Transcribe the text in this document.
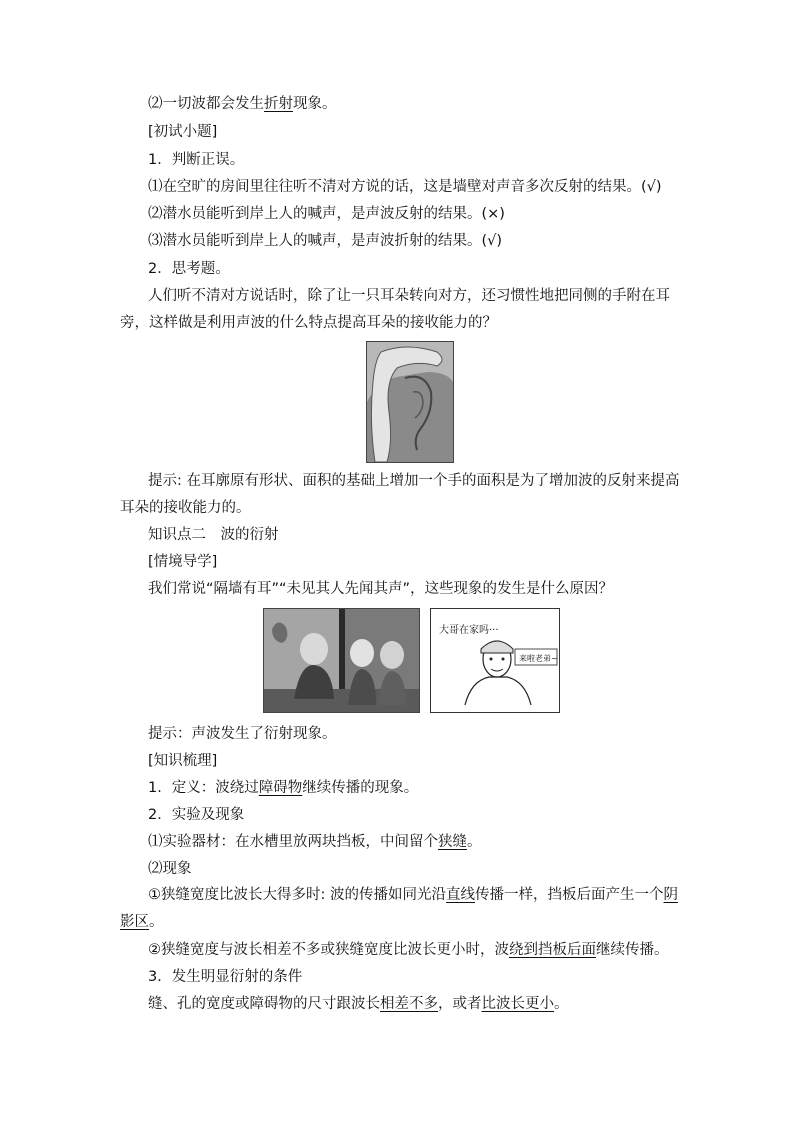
⑵一切波都会发生折射现象。
[初试小题]
1．判断正误。
⑴在空旷的房间里往往听不清对方说的话，这是墙壁对声音多次反射的结果。(√)
⑵潜水员能听到岸上人的喊声，是声波反射的结果。(×)
⑶潜水员能听到岸上人的喊声，是声波折射的结果。(√)
2．思考题。
人们听不清对方说话时，除了让一只耳朵转向对方，还习惯性地把同侧的手附在耳旁，这样做是利用声波的什么特点提高耳朵的接收能力的？
提示: 在耳廓原有形状、面积的基础上增加一个手的面积是为了增加波的反射来提高耳朵的接收能力的。
知识点二　波的衍射
[情境导学]
我们常说“隔墙有耳”“未见其人先闻其声”，这些现象的发生是什么原因？
大哥在家吗···
来啦老弟~
提示：声波发生了衍射现象。
[知识梳理]
1．定义：波绕过障碍物继续传播的现象。
2．实验及现象
⑴实验器材：在水槽里放两块挡板，中间留个狭缝。
⑵现象
①狭缝宽度比波长大得多时: 波的传播如同光沿直线传播一样，挡板后面产生一个阴影区。
②狭缝宽度与波长相差不多或狭缝宽度比波长更小时，波绕到挡板后面继续传播。
3．发生明显衍射的条件
缝、孔的宽度或障碍物的尺寸跟波长相差不多，或者比波长更小。
